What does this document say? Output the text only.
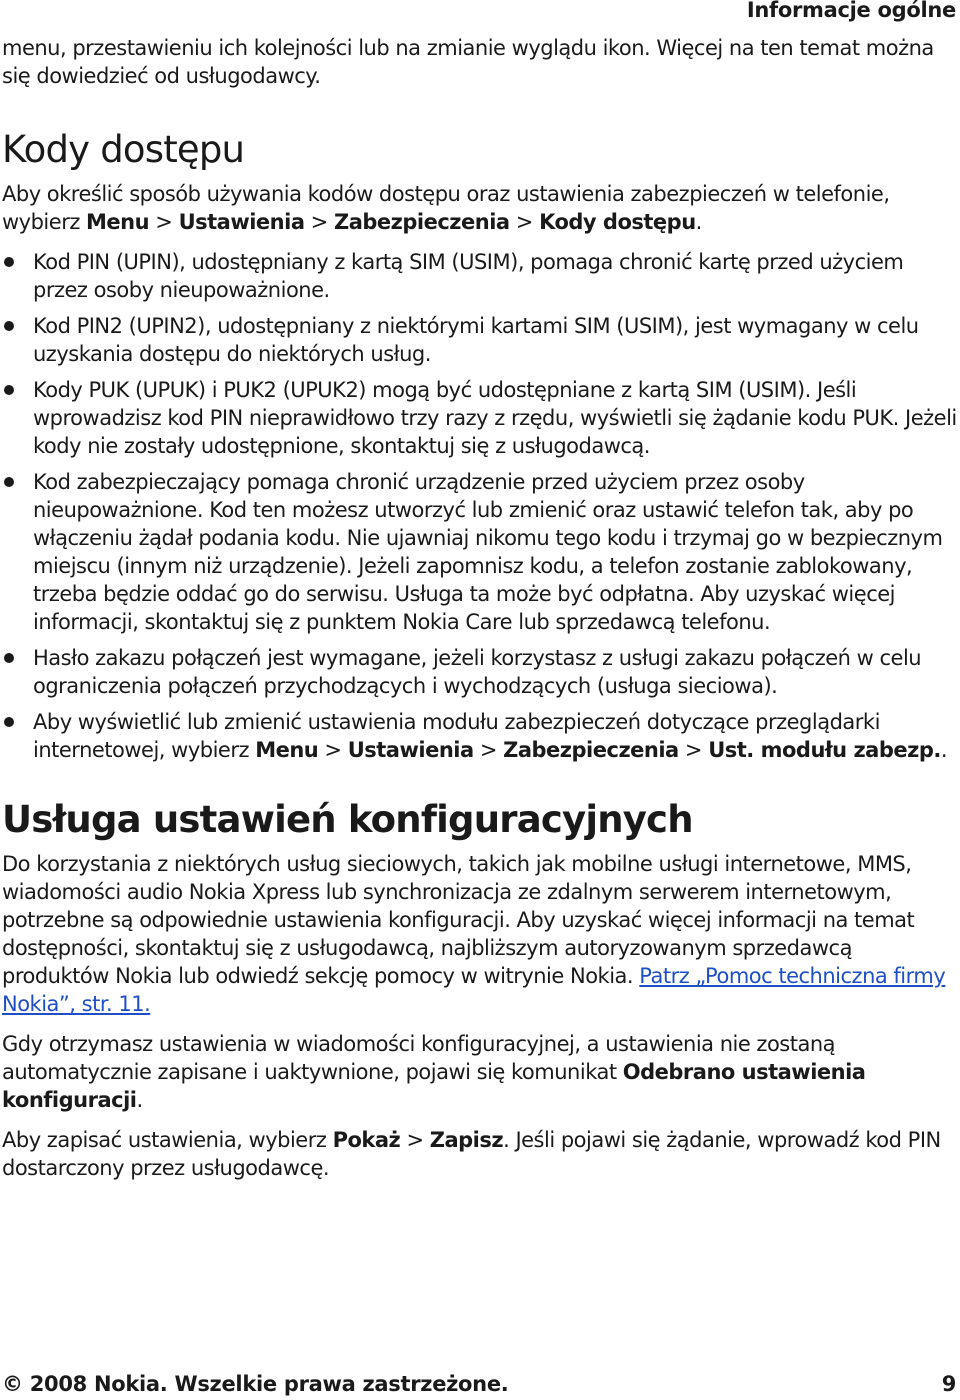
Informacje ogólne

menu, przestawieniu ich kolejności lub na zmianie wyglądu ikon. Więcej na ten temat można się dowiedzieć od usługodawcy.

Kody dostępu

Aby określić sposób używania kodów dostępu oraz ustawienia zabezpieczeń w telefonie, wybierz Menu > Ustawienia > Zabezpieczenia > Kody dostępu.

Kod PIN (UPIN), udostępniany z kartą SIM (USIM), pomaga chronić kartę przed użyciem przez osoby nieupoważnione.
Kod PIN2 (UPIN2), udostępniany z niektórymi kartami SIM (USIM), jest wymagany w celu uzyskania dostępu do niektórych usług.
Kody PUK (UPUK) i PUK2 (UPUK2) mogą być udostępniane z kartą SIM (USIM). Jeśli wprowadzisz kod PIN nieprawidłowo trzy razy z rzędu, wyświetli się żądanie kodu PUK. Jeżeli kody nie zostały udostępnione, skontaktuj się z usługodawcą.
Kod zabezpieczający pomaga chronić urządzenie przed użyciem przez osoby nieupoważnione. Kod ten możesz utworzyć lub zmienić oraz ustawić telefon tak, aby po włączeniu żądał podania kodu. Nie ujawniaj nikomu tego kodu i trzymaj go w bezpiecznym miejscu (innym niż urządzenie). Jeżeli zapomnisz kodu, a telefon zostanie zablokowany, trzeba będzie oddać go do serwisu. Usługa ta może być odpłatna. Aby uzyskać więcej informacji, skontaktuj się z punktem Nokia Care lub sprzedawcą telefonu.
Hasło zakazu połączeń jest wymagane, jeżeli korzystasz z usługi zakazu połączeń w celu ograniczenia połączeń przychodzących i wychodzących (usługa sieciowa).
Aby wyświetlić lub zmienić ustawienia modułu zabezpieczeń dotyczące przeglądarki internetowej, wybierz Menu > Ustawienia > Zabezpieczenia > Ust. modułu zabezp..
Usługa ustawień konfiguracyjnych

Do korzystania z niektórych usług sieciowych, takich jak mobilne usługi internetowe, MMS, wiadomości audio Nokia Xpress lub synchronizacja ze zdalnym serwerem internetowym, potrzebne są odpowiednie ustawienia konfiguracji. Aby uzyskać więcej informacji na temat dostępności, skontaktuj się z usługodawcą, najbliższym autoryzowanym sprzedawcą produktów Nokia lub odwiedź sekcję pomocy w witrynie Nokia. Patrz „Pomoc techniczna firmy Nokia”, str. 11.

Gdy otrzymasz ustawienia w wiadomości konfiguracyjnej, a ustawienia nie zostaną automatycznie zapisane i uaktywnione, pojawi się komunikat Odebrano ustawienia konfiguracji.

Aby zapisać ustawienia, wybierz Pokaż > Zapisz. Jeśli pojawi się żądanie, wprowadź kod PIN dostarczony przez usługodawcę.

© 2008 Nokia. Wszelkie prawa zastrzeżone.	9
